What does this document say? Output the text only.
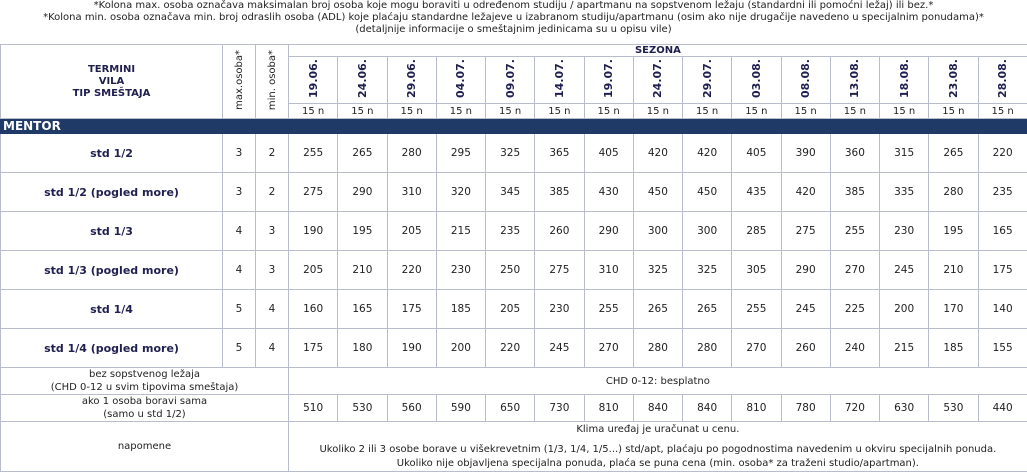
*Kolona max. osoba označava maksimalan broj osoba koje mogu boraviti u određenom studiju / apartmanu na sopstvenom ležaju (standardni ili pomoćni ležaj) ili bez.*
*Kolona min. osoba označava min. broj odraslih osoba (ADL) koje plaćaju standardne ležajeve u izabranom studiju/apartmanu (osim ako nije drugačije navedeno u specijalnim ponudama)*
(detaljnije informacije o smeštajnim jedinicama su u opisu vile)
TERMINI
VILA
TIP SMEŠTAJA	max.osoba*	min. osoba*	SEZONA														
			19.06.	24.06.	29.06.	04.07.	09.07.	14.07.	19.07.	24.07.	29.07.	03.08.	08.08.	13.08.	18.08.	23.08.	28.08.
			15 n	15 n	15 n	15 n	15 n	15 n	15 n	15 n	15 n	15 n	15 n	15 n	15 n	15 n	15 n
MENTOR																	
std 1/2	3	2	255	265	280	295	325	365	405	420	420	405	390	360	315	265	220
std 1/2 (pogled more)	3	2	275	290	310	320	345	385	430	450	450	435	420	385	335	280	235
std 1/3	4	3	190	195	205	215	235	260	290	300	300	285	275	255	230	195	165
std 1/3 (pogled more)	4	3	205	210	220	230	250	275	310	325	325	305	290	270	245	210	175
std 1/4	5	4	160	165	175	185	205	230	255	265	265	255	245	225	200	170	140
std 1/4 (pogled more)	5	4	175	180	190	200	220	245	270	280	280	270	260	240	215	185	155

bez sopstvenog ležaja
(CHD 0-12 u svim tipovima smeštaja)			CHD 0-12: besplatno														

ako 1 osoba boravi sama
(samo u std 1/2)			510	530	560	590	650	730	810	840	840	810	780	720	630	530	440
napomene			Klima uređaj je uračunat u cenu.
Ukoliko 2 ili 3 osobe borave u višekrevetnim (1/3, 1/4, 1/5...) std/apt, plaćaju po pogodnostima navedenim u okviru specijalnih ponuda.
Ukoliko nije objavljena specijalna ponuda, plaća se puna cena (min. osoba* za traženi studio/apartman).														
